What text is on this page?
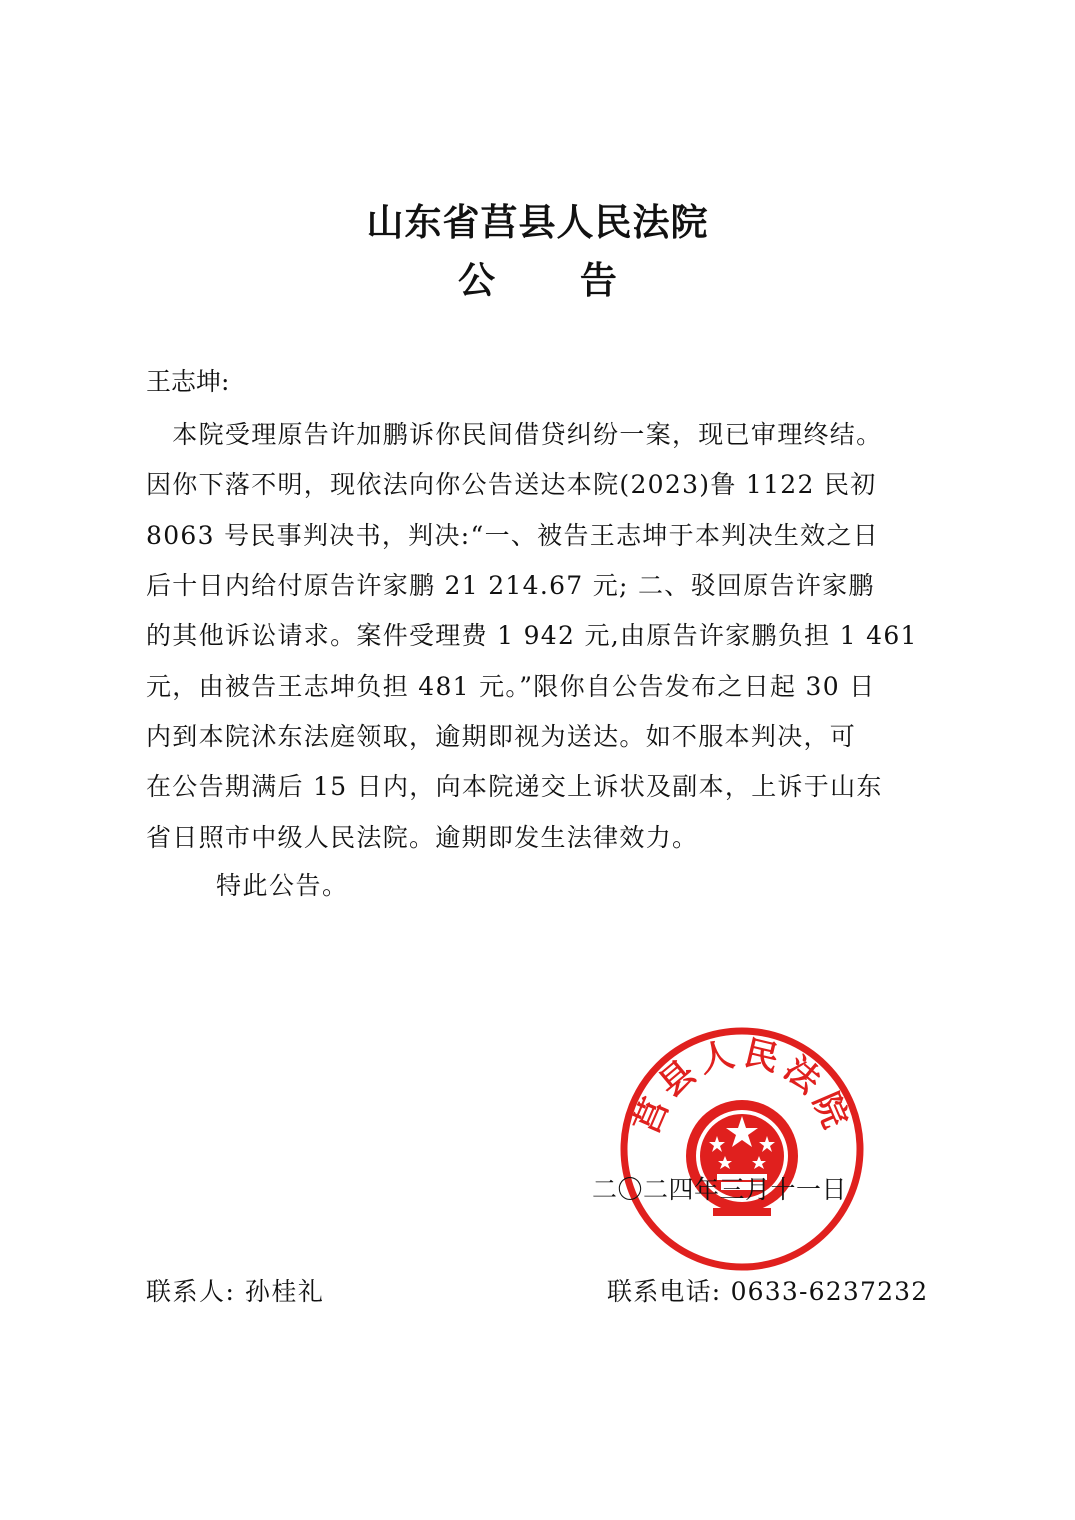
山东省莒县人民法院
公 告
王志坤:
　本院受理原告许加鹏诉你民间借贷纠纷一案，现已审理终结。
因你下落不明，现依法向你公告送达本院(2023)鲁 1122 民初
8063 号民事判决书，判决:“一、被告王志坤于本判决生效之日
后十日内给付原告许家鹏 21 214.67 元; 二、驳回原告许家鹏
的其他诉讼请求。案件受理费 1 942 元,由原告许家鹏负担 1 461
元，由被告王志坤负担 481 元。”限你自公告发布之日起 30 日
内到本院沭东法庭领取，逾期即视为送达。如不服本判决，可
在公告期满后 15 日内，向本院递交上诉状及副本，上诉于山东
省日照市中级人民法院。逾期即发生法律效力。
特此公告。
莒县人民法院
二〇二四年三月十一日
联系人: 孙桂礼	联系电话: 0633-6237232
